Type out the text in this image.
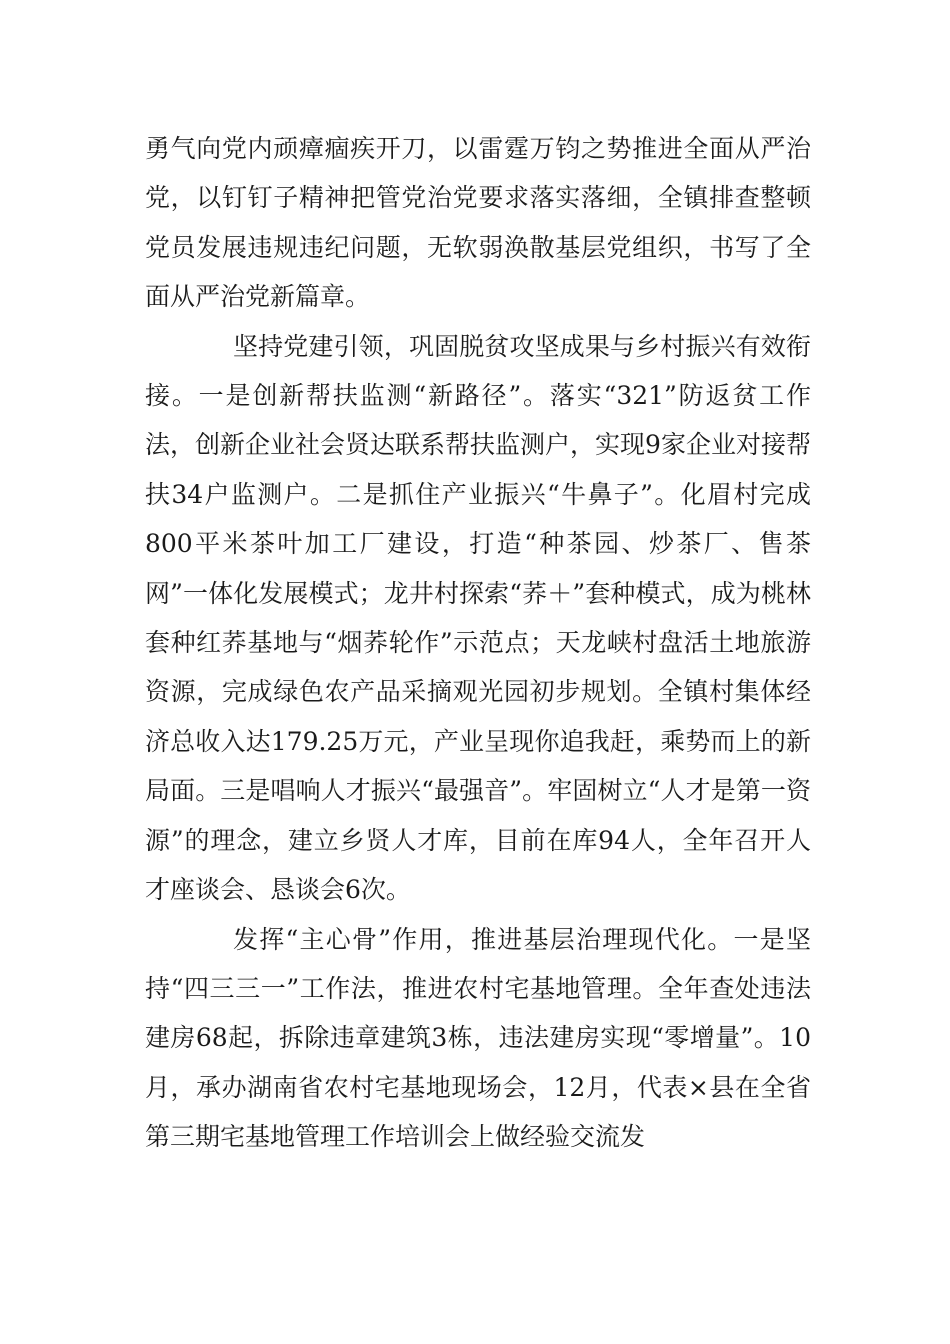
勇气向党内顽瘴痼疾开刀，以雷霆万钧之势推进全面从严治党，以钉钉子精神把管党治党要求落实落细，全镇排查整顿党员发展违规违纪问题，无软弱涣散基层党组织，书写了全面从严治党新篇章。

坚持党建引领，巩固脱贫攻坚成果与乡村振兴有效衔接。一是创新帮扶监测“新路径”。落实“321”防返贫工作法，创新企业社会贤达联系帮扶监测户，实现9家企业对接帮扶34户监测户。二是抓住产业振兴“牛鼻子”。化眉村完成800平米茶叶加工厂建设，打造“种茶园、炒茶厂、售茶网”一体化发展模式；龙井村探索“荞＋”套种模式，成为桃林套种红荞基地与“烟荞轮作”示范点；天龙峡村盘活土地旅游资源，完成绿色农产品采摘观光园初步规划。全镇村集体经济总收入达179.25万元，产业呈现你追我赶，乘势而上的新局面。三是唱响人才振兴“最强音”。牢固树立“人才是第一资源”的理念，建立乡贤人才库，目前在库94人，全年召开人才座谈会、恳谈会6次。

发挥“主心骨”作用，推进基层治理现代化。一是坚持“四三三一”工作法，推进农村宅基地管理。全年查处违法建房68起，拆除违章建筑3栋，违法建房实现“零增量”。10月，承办湖南省农村宅基地现场会，12月，代表×县在全省第三期宅基地管理工作培训会上做经验交流发
